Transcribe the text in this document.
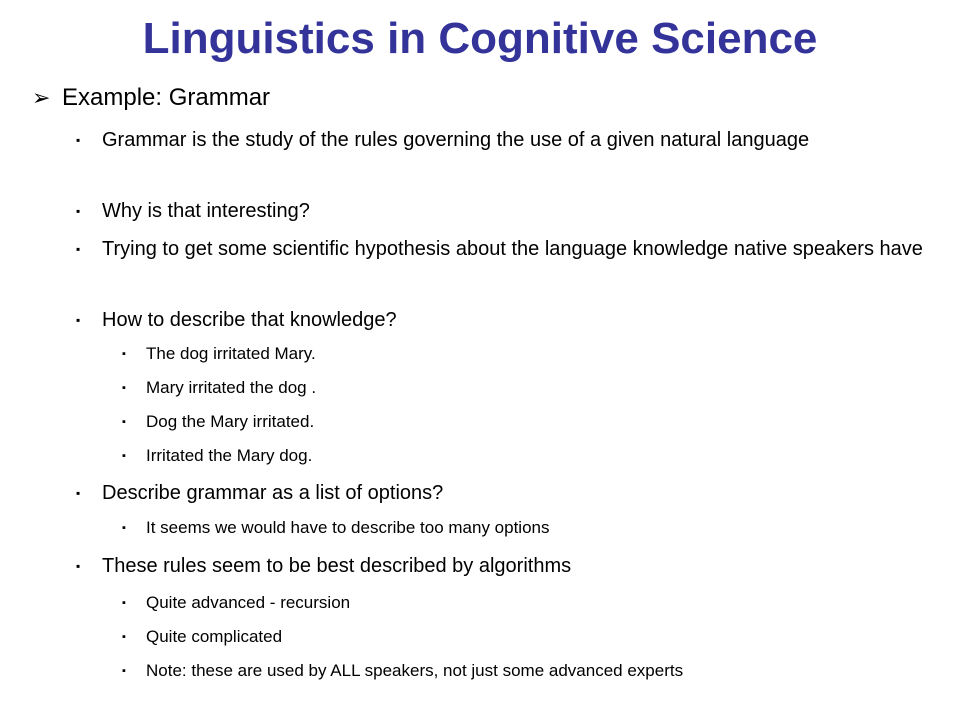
Linguistics in Cognitive Science
➢ Example: Grammar
▪ Grammar is the study of the rules governing the use of a given natural language
▪ Why is that interesting?
▪ Trying to get some scientific hypothesis about the language knowledge native speakers have
▪ How to describe that knowledge?
▪ The dog irritated Mary.
▪ Mary irritated the dog .
▪ Dog the Mary irritated.
▪ Irritated the Mary dog.
▪ Describe grammar as a list of options?
▪ It seems we would have to describe too many options
▪ These rules seem to be best described by algorithms
▪ Quite advanced - recursion
▪ Quite complicated
▪ Note: these are used by ALL speakers, not just some advanced experts
